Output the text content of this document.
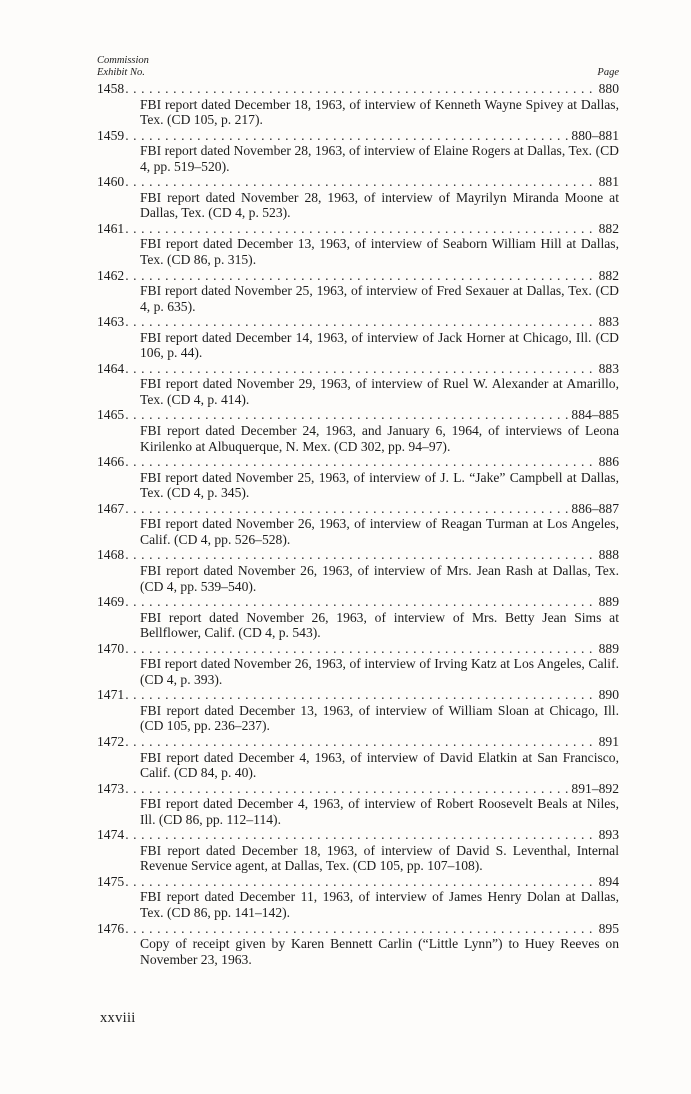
Commission
Exhibit No.	Page
1458 . . .	880
FBI report dated December 18, 1963, of interview of Kenneth Wayne Spivey at Dallas, Tex. (CD 105, p. 217).
1459 . . .	880–881
FBI report dated November 28, 1963, of interview of Elaine Rogers at Dallas, Tex. (CD 4, pp. 519–520).
1460 . . .	881
FBI report dated November 28, 1963, of interview of Mayrilyn Miranda Moone at Dallas, Tex. (CD 4, p. 523).
1461 . . .	882
FBI report dated December 13, 1963, of interview of Seaborn William Hill at Dallas, Tex. (CD 86, p. 315).
1462 . . .	882
FBI report dated November 25, 1963, of interview of Fred Sexauer at Dallas, Tex. (CD 4, p. 635).
1463 . . .	883
FBI report dated December 14, 1963, of interview of Jack Horner at Chicago, Ill. (CD 106, p. 44).
1464 . . .	883
FBI report dated November 29, 1963, of interview of Ruel W. Alexander at Amarillo, Tex. (CD 4, p. 414).
1465 . . .	884–885
FBI report dated December 24, 1963, and January 6, 1964, of interviews of Leona Kirilenko at Albuquerque, N. Mex. (CD 302, pp. 94–97).
1466 . . .	886
FBI report dated November 25, 1963, of interview of J. L. “Jake” Campbell at Dallas, Tex. (CD 4, p. 345).
1467 . . .	886–887
FBI report dated November 26, 1963, of interview of Reagan Turman at Los Angeles, Calif. (CD 4, pp. 526–528).
1468 . . .	888
FBI report dated November 26, 1963, of interview of Mrs. Jean Rash at Dallas, Tex. (CD 4, pp. 539–540).
1469 . . .	889
FBI report dated November 26, 1963, of interview of Mrs. Betty Jean Sims at Bellflower, Calif. (CD 4, p. 543).
1470 . . .	889
FBI report dated November 26, 1963, of interview of Irving Katz at Los Angeles, Calif. (CD 4, p. 393).
1471 . . .	890
FBI report dated December 13, 1963, of interview of William Sloan at Chicago, Ill. (CD 105, pp. 236–237).
1472 . . .	891
FBI report dated December 4, 1963, of interview of David Elatkin at San Francisco, Calif. (CD 84, p. 40).
1473 . . .	891–892
FBI report dated December 4, 1963, of interview of Robert Roosevelt Beals at Niles, Ill. (CD 86, pp. 112–114).
1474 . . .	893
FBI report dated December 18, 1963, of interview of David S. Leventhal, Internal Revenue Service agent, at Dallas, Tex. (CD 105, pp. 107–108).
1475 . . .	894
FBI report dated December 11, 1963, of interview of James Henry Dolan at Dallas, Tex. (CD 86, pp. 141–142).
1476 . . .	895
Copy of receipt given by Karen Bennett Carlin (“Little Lynn”) to Huey Reeves on November 23, 1963.
xxviii
